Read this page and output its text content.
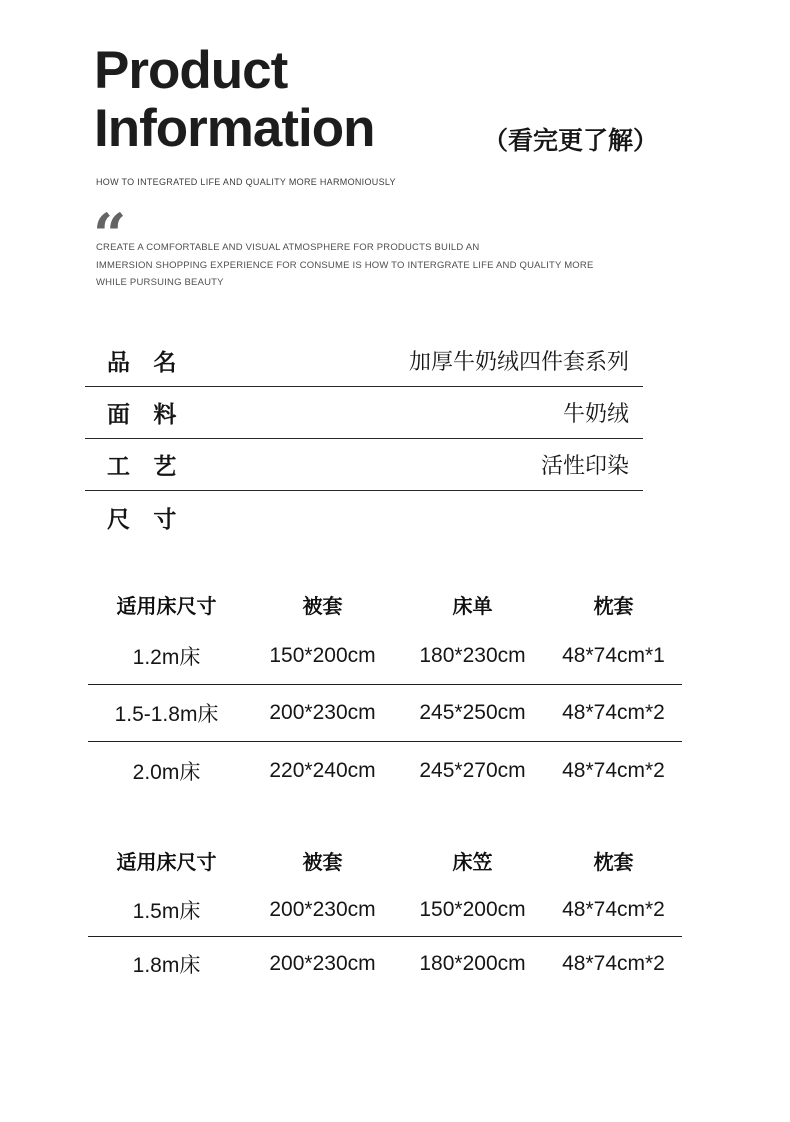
Product
Information	（看完更了解）
HOW TO INTEGRATED LIFE AND QUALITY MORE HARMONIOUSLY
“
CREATE A COMFORTABLE AND VISUAL ATMOSPHERE FOR PRODUCTS BUILD AN
IMMERSION SHOPPING EXPERIENCE FOR CONSUME IS HOW TO INTERGRATE LIFE AND QUALITY MORE
WHILE PURSUING BEAUTY
品 名	加厚牛奶绒四件套系列
面 料	牛奶绒
工 艺	活性印染
尺 寸
适用床尺寸	被套	床单	枕套
1.2m床	150*200cm 180*230cm 48*74cm*1
1.5-1.8m床 200*230cm 245*250cm 48*74cm*2
2.0m床	220*240cm 245*270cm 48*74cm*2
适用床尺寸	被套	床笠	枕套
1.5m床	200*230cm 150*200cm 48*74cm*2
1.8m床	200*230cm 180*200cm 48*74cm*2
